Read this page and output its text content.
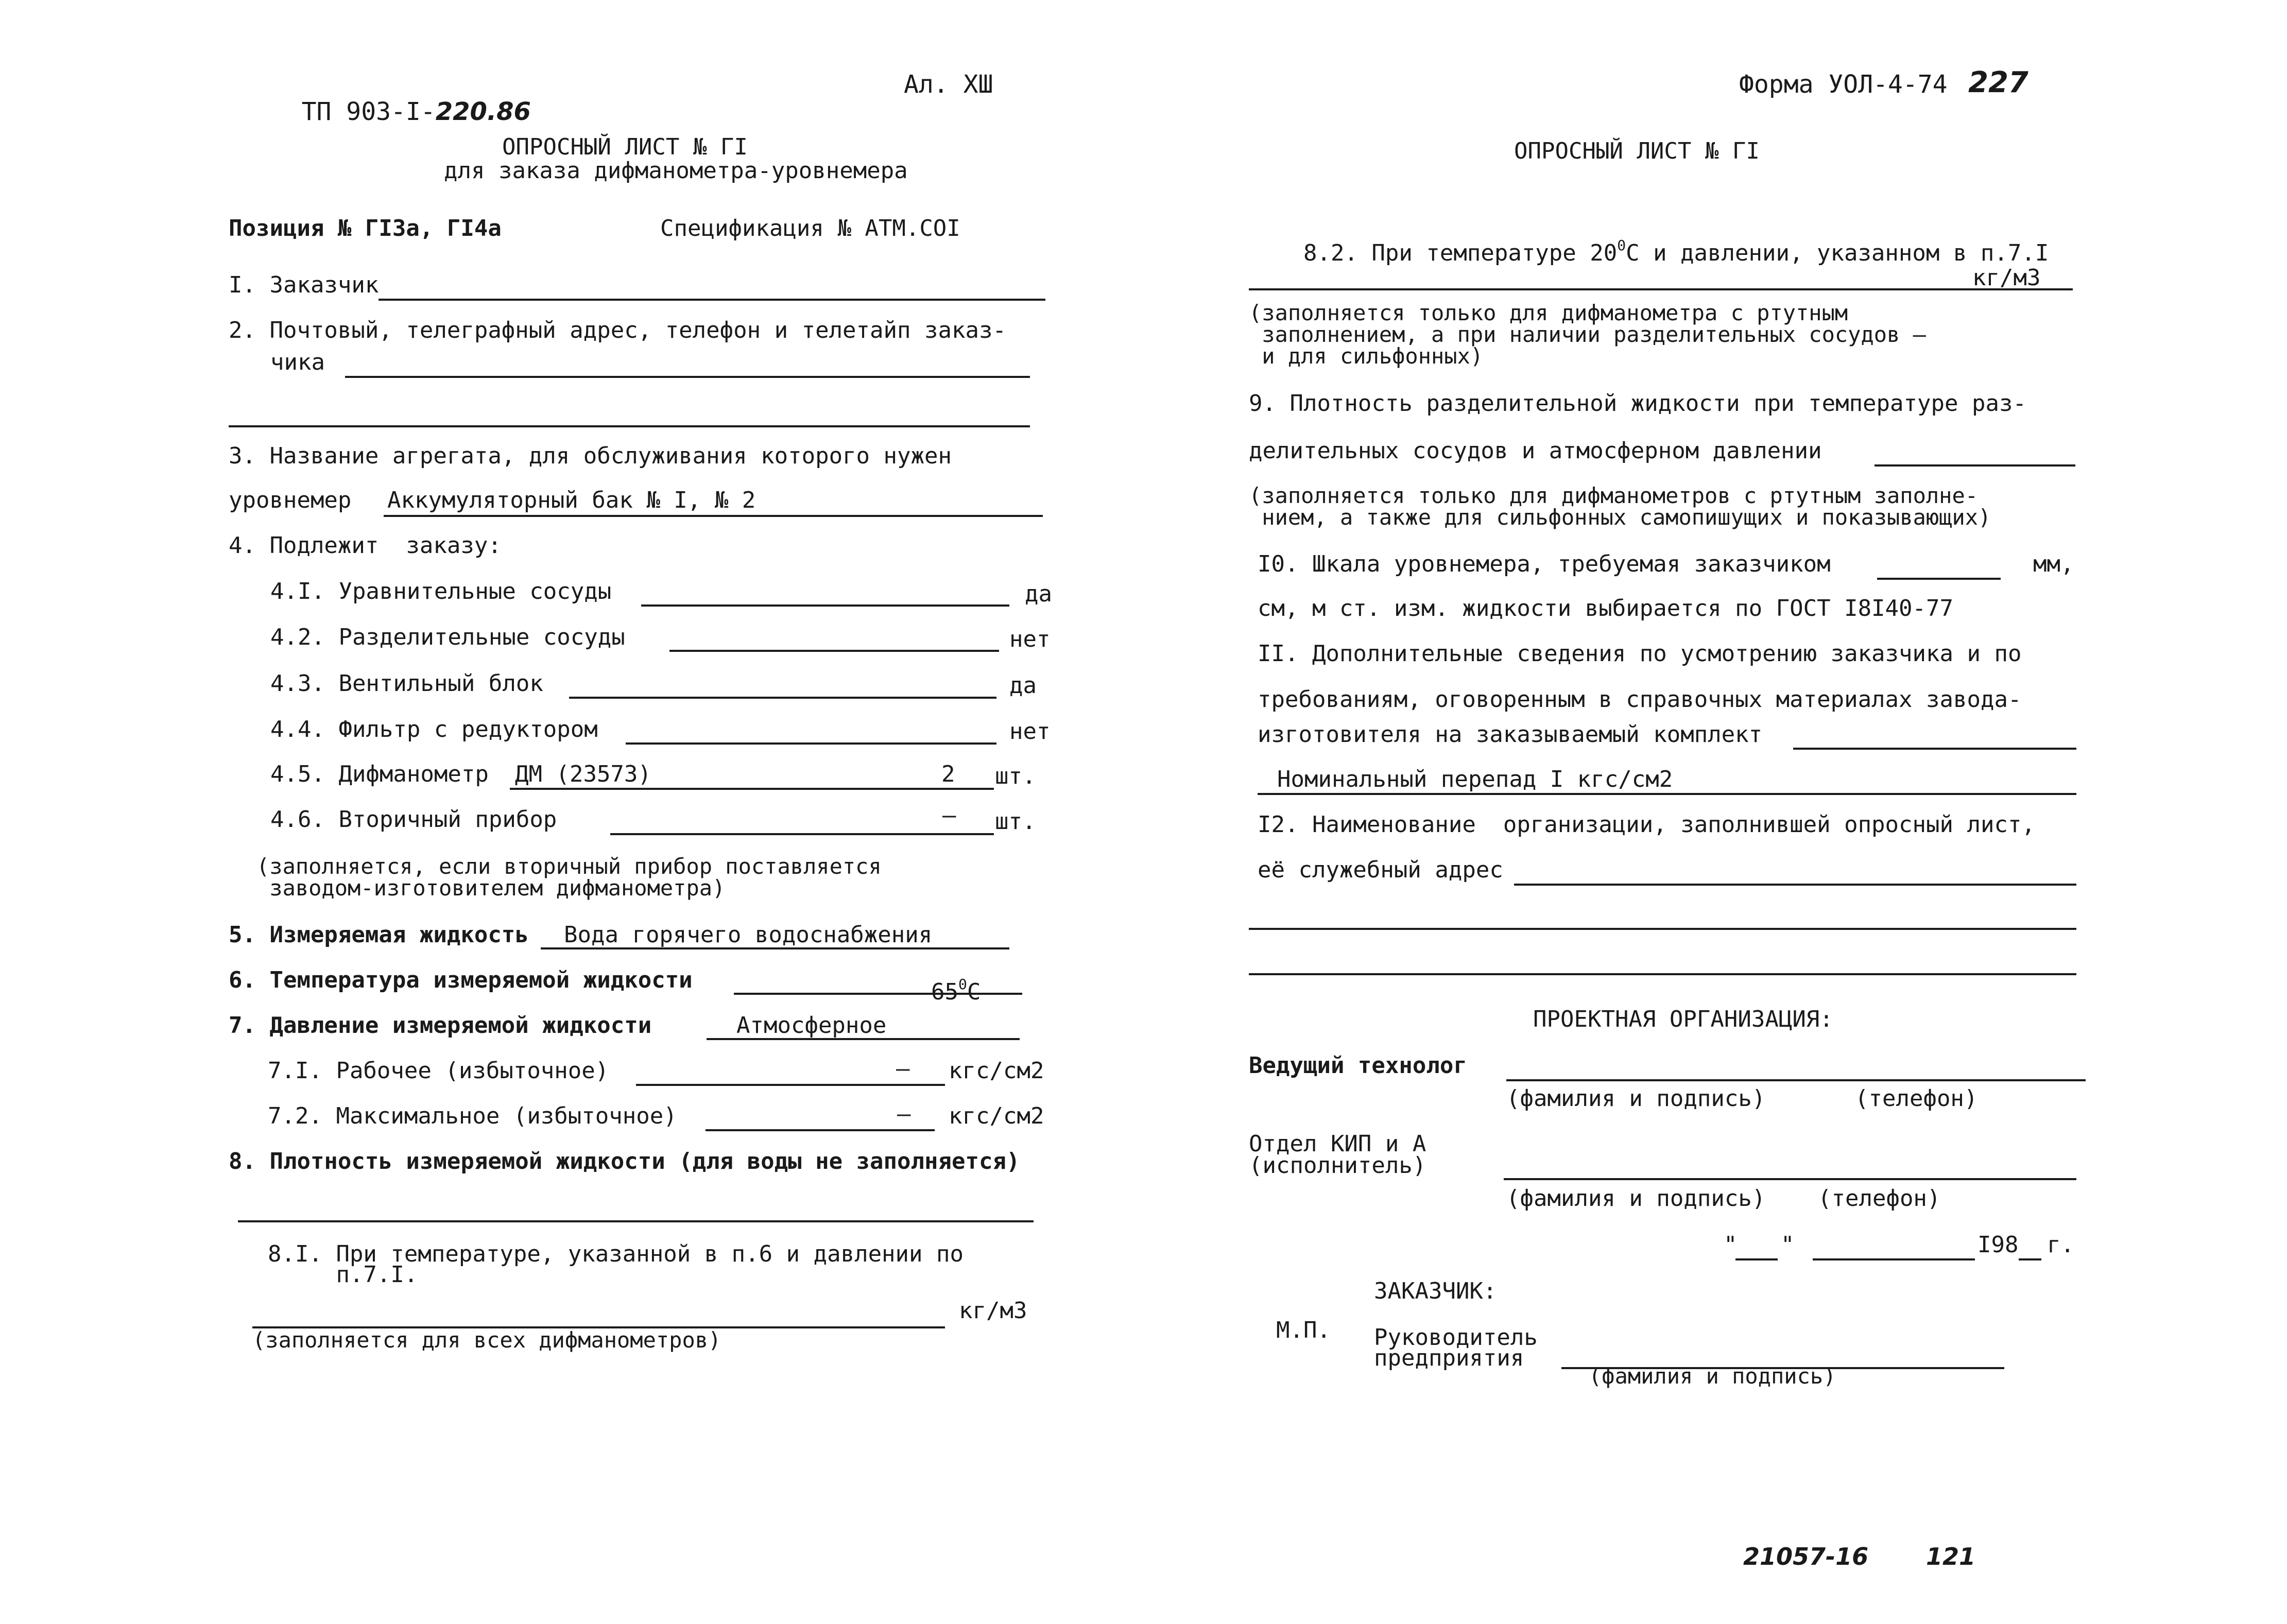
ТП 903-I-220.86

Ал. XШ
ОПРОСНЫЙ ЛИСТ № ГI
для заказа дифманометра-уровнемера
Позиция № ГI3а, ГI4а	Спецификация № АТМ.COI
I. Заказчик
2. Почтовый, телеграфный адрес, телефон и телетайп заказ-
чика
3. Название агрегата, для обслуживания которого нужен
уровнемер Аккумуляторный бак № I, № 2
4. Подлежит  заказу:
4.I. Уравнительные сосуды	да
4.2. Разделительные сосуды	нет
4.3. Вентильный блок	да
4.4. Фильтр с редуктором	нет
4.5. Дифманометр ДМ (23573)	2 шт.
4.6. Вторичный прибор	– шт.
(заполняется, если вторичный прибор поставляется
заводом-изготовителем дифманометра)
5. Измеряемая жидкость Вода горячего водоснабжения
6. Температура измеряемой жидкости	$65^0С$

7. Давление измеряемой жидкости	Атмосферное
7.I. Рабочее (избыточное)	– кгс/см2
7.2. Максимальное (избыточное)	– кгс/см2
8. Плотность измеряемой жидкости (для воды не заполняется)
8.I. При температуре, указанной в п.6 и давлении по
п.7.I.
кг/м3
(заполняется для всех дифманометров)
Форма УОЛ-4-74 227
ОПРОСНЫЙ ЛИСТ № ГI

8.2. При температуре $20^0С$ и давлении, указанном в п.7.I

кг/м3
(заполняется только для дифманометра с ртутным
заполнением, а при наличии разделительных сосудов –
и для сильфонных)
9. Плотность разделительной жидкости при температуре раз-
делительных сосудов и атмосферном давлении
(заполняется только для дифманометров с ртутным заполне-
нием, а также для сильфонных самопишущих и показывающих)
I0. Шкала уровнемера, требуемая заказчиком	мм,
см, м ст. изм. жидкости выбирается по ГОСТ I8I40-77
II. Дополнительные сведения по усмотрению заказчика и по
требованиям, оговоренным в справочных материалах завода-
изготовителя на заказываемый комплект
Номинальный перепад I кгс/см2
I2. Наименование  организации, заполнившей опросный лист,
её служебный адрес
ПРОЕКТНАЯ ОРГАНИЗАЦИЯ:
Ведущий технолог
(фамилия и подпись)	(телефон)
Отдел КИП и А
(исполнитель)
(фамилия и подпись) (телефон)
" "	I98 г.
ЗАКАЗЧИК:
М.П. Руководитель
предприятия
(фамилия и подпись)
21057-16 121
